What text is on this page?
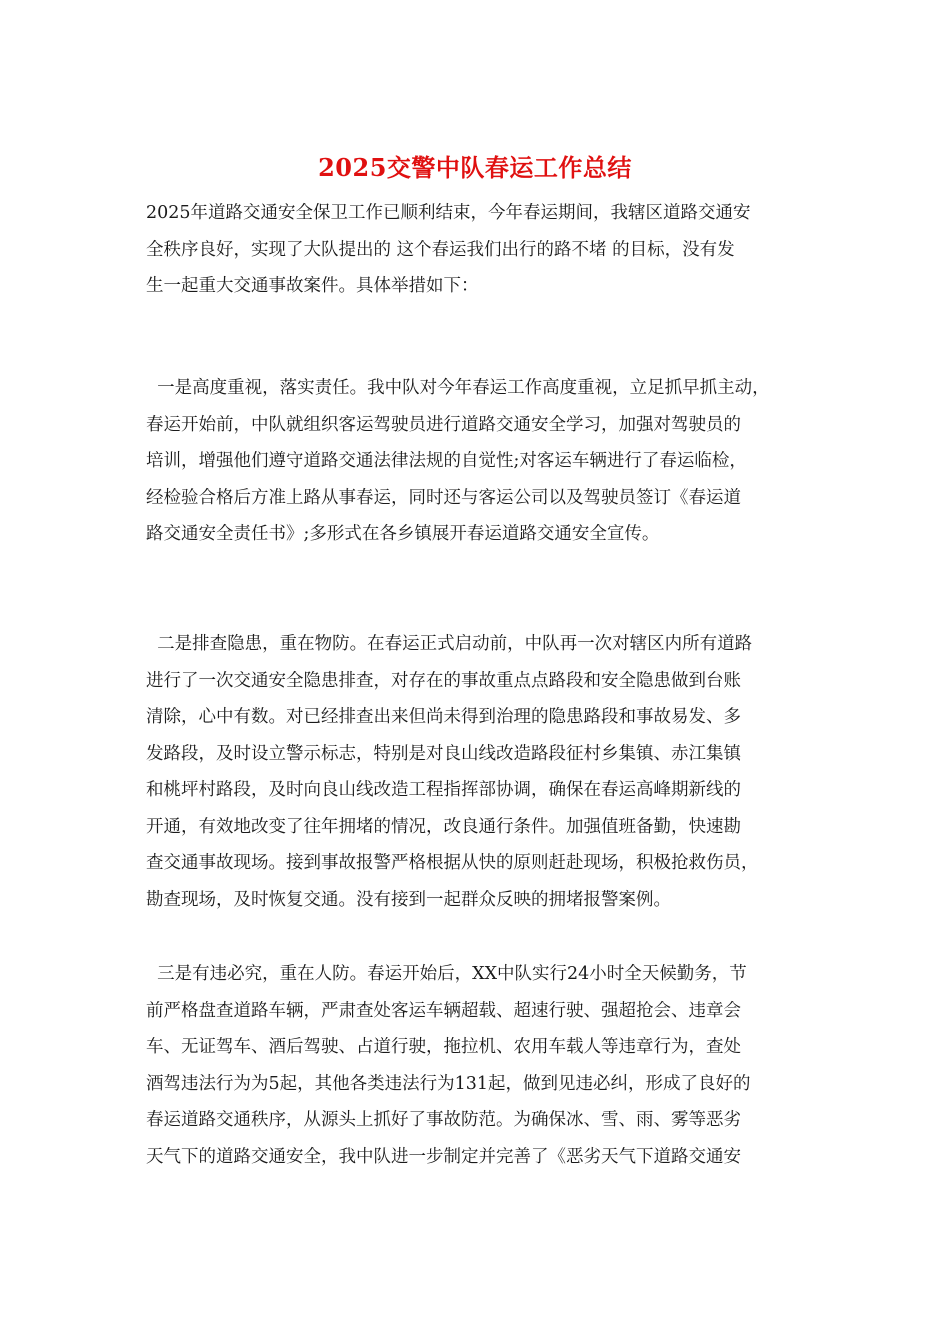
2025交警中队春运工作总结
2025年道路交通安全保卫工作已顺利结束，今年春运期间，我辖区道路交通安
全秩序良好，实现了大队提出的 这个春运我们出行的路不堵 的目标，没有发
生一起重大交通事故案件。具体举措如下：
一是高度重视，落实责任。我中队对今年春运工作高度重视，立足抓早抓主动，
春运开始前，中队就组织客运驾驶员进行道路交通安全学习，加强对驾驶员的
培训，增强他们遵守道路交通法律法规的自觉性;对客运车辆进行了春运临检，
经检验合格后方准上路从事春运，同时还与客运公司以及驾驶员签订《春运道
路交通安全责任书》;多形式在各乡镇展开春运道路交通安全宣传。
二是排查隐患，重在物防。在春运正式启动前，中队再一次对辖区内所有道路
进行了一次交通安全隐患排查，对存在的事故重点点路段和安全隐患做到台账
清除，心中有数。对已经排查出来但尚未得到治理的隐患路段和事故易发、多
发路段，及时设立警示标志，特别是对良山线改造路段征村乡集镇、赤江集镇
和桃坪村路段，及时向良山线改造工程指挥部协调，确保在春运高峰期新线的
开通，有效地改变了往年拥堵的情况，改良通行条件。加强值班备勤，快速勘
查交通事故现场。接到事故报警严格根据从快的原则赶赴现场，积极抢救伤员，
勘查现场，及时恢复交通。没有接到一起群众反映的拥堵报警案例。
三是有违必究，重在人防。春运开始后，XX中队实行24小时全天候勤务，节
前严格盘查道路车辆，严肃查处客运车辆超载、超速行驶、强超抢会、违章会
车、无证驾车、酒后驾驶、占道行驶，拖拉机、农用车载人等违章行为，查处
酒驾违法行为为5起，其他各类违法行为131起，做到见违必纠，形成了良好的
春运道路交通秩序，从源头上抓好了事故防范。为确保冰、雪、雨、雾等恶劣
天气下的道路交通安全，我中队进一步制定并完善了《恶劣天气下道路交通安
